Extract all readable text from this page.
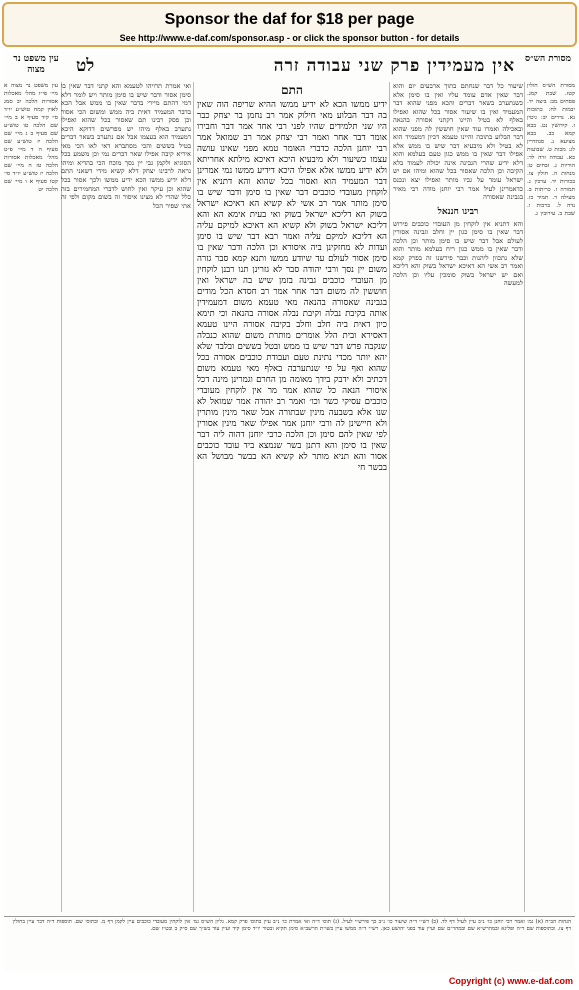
Sponsor the daf for $18 per page
See http://www.e-daf.com/sponsor.asp - or click the sponsor button - for details
מסורת הש״ס
אין מעמידין פרק שני עבודה זרה
לט
עין משפט נר מצוה
מסורת הש״ס חולין קטז. שבת קמג. פסחים מב: ביצה יד. יבמות לח: כתובות נא. נדרים יב: גיטין ז. קידושין נט. בבא קמא כב. בבא מציעא נ. סנהדרין לג: מכות ט. שבועות כא. עבודה זרה לד: הוריות ג. זבחים ט: מנחות ה. חולין צו. בכורות יד. ערכין ג. תמורה ז. כריתות ב. מעילה ד. תמיד כז. נדה ל. ברכות ו. שבת ב. עירובין ג.
שיעור כל דבר שנחתם בתוך ארבעים יום והוא דבר שאין אדם עומד עליו ואין בו סימן אלא כשנתערב בשאר דברים והכא מפני שהוא דבר המעמיד ואין בו שיעור אסור בכל שהוא ואפילו באלף לא בטיל והיינו דקתני אסורה בהנאה ובאכילה ואמרו עוד שאין חוששין לה מפני שהוא דבר הבלוע בתוכה והיינו טעמא דכיון דמעמיד הוא לא בטיל ולא מיבעיא דבר שיש בו ממש אלא אפילו דבר שאין בו ממש כגון טעם בעלמא והוא דלא ידיע שהרי הגבינה אינה יכולה לעמוד בלא הקיבה וכן הלכה שאסור בכל שהוא ומיהו אם יש ישראל עומד על גביו מותר ואפילו יצא ונכנס כדאמרינן לעיל אמר רבי יוחנן מודה רבי מאיר בגבינה שאסורה
רבינו חננאל
והא דתניא אין לוקחין מן העובדי כוכבים פירוש דבר שאין בו סימן כגון יין וחלב וגבינה אסורין לעולם אבל דבר שיש בו סימן מותר וכן הלכה ודבר שאין בו ממש כגון ריח בעלמא מותר והוא שלא נתכוון ליהנות וכבר פירשנו זה בפרק קמא ואמר רב אשי הא דאיכא ישראל בשוק והא דליכא ואם יש ישראל בשוק סומכין עליו וכן הלכה למעשה
התם
ידיע ממשו הכא לא ידיע ממשו ההיא שריפה הוה שאין בה דבר הבלוע מאי חילוק אמר רב נחמן בר יצחק כבר היו שני תלמידים שהיו לפני רבי אחד אמר דבר וחבירו אומר דבר אחר ואמר רבי יצחק אמר רב שמואל אמר רבי יוחנן הלכה כדברי האומר טמא מפני שאינו עושה עצמו כשיעור ולא מיבעיא היכא דאיכא מילתא אחריתא ולא ידיע ממשו אלא אפילו היכא דידיע ממשו נמי אמרינן דבר המעמיד הוא ואסור בכל שהוא והא דתניא אין לוקחין מעובדי כוכבים דבר שאין בו סימן ודבר שיש בו סימן מותר אמר רב אשי לא קשיא הא דאיכא ישראל בשוק הא דליכא ישראל בשוק ואי בעית אימא הא והא דליכא ישראל בשוק ולא קשיא הא דאיכא למיקם עליה הא דליכא למיקם עליה ואמר רבא דבר שיש בו סימן ועדות לא מחזקינן ביה איסורא וכן הלכה ודבר שאין בו סימן אסור לעולם עד שיודע ממשו ותנא קמא סבר גזרה משום יין נסך ורבי יהודה סבר לא גזרינן תנו רבנן לוקחין מן העובדי כוכבים גבינה בזמן שיש בה ישראל ואין חוששין לה משום דבר אחר אמר רב חסדא הכל מודים בגבינה שאסורה בהנאה מאי טעמא משום דמעמידין אותה בקיבת נבלה וקיבת נבלה אסורה בהנאה וכי תימא כיון דאית ביה חלב וחלב בקיבה אסורה היינו טעמא דאסירא ובית הלל אומרים מותרת משום שהוא כנבלה שנקבה פרש דבר שיש בו ממש ובטל בששים ובלבד שלא יהא יותר מכדי נתינת טעם ועבודת כוכבים אסורה בכל שהוא ואף על פי שנתערבה באלף מאי טעמא משום דכתיב ולא ידבק בידך מאומה מן החרם וגמרינן מינה דכל איסורי הנאה כל שהוא אמר מר אין לוקחין מעובדי כוכבים עסיקי כשר וכו׳ ואמר רב יהודה אמר שמואל לא שנו אלא בשבעה מינין שבתורה אבל שאר מינין מותרין ולא חיישינן לה ורבי יוחנן אמר אפילו שאר מינין אסורין לפי שאין להם סימן וכן הלכה כרבי יוחנן דהוה ליה דבר שאין בו סימן והא דתנן בשר שנמצא ביד עובד כוכבים אסור והא תניא מותר לא קשיא הא בבשר מבושל הא בבשר חי
ואי אמרת תרויהו לטעמא והא קתני דבר שאין בו סימן אסור ודבר שיש בו סימן מותר ויש לומר דלא דמי דהתם מיירי בדבר שאין בו ממש אבל הכא בדבר המעמיד דאית ביה ממש ומשום הכי אסור וכן פסק רבינו תם שאסור בכל שהוא ואפילו נתערב באלף מיהו יש מפרשים דדוקא היכא דמעמיד הוא בעצמו אבל אם נתערב בשאר דברים בטיל בששים והכי מסתברא דאי לאו הכי מאי איריא קיבה אפילו שאר דברים נמי וכן משמע בכל הסוגיא ולקמן גבי יין נסך מוכח הכי בהדיא ומיהו נראה לרבינו יצחק דלא קשיא מידי דשאני התם דלא ידיע ממשו הכא ידיע ממשו ולכך אסור בכל שהוא וכן עיקר ואין לחוש לדברי המחמירים בזה כלל שהרי לא מצינו איסור זה בשום מקום ולפי זה אתי שפיר הכל
עין משפט נר מצוה א מיי׳ פי״ז מהל׳ מאכלות אסורות הלכה יב סמג לאוין קמח טוש״ע יו״ד סי׳ קיד סעיף א ב מיי׳ שם הלכה טו טוש״ע שם סעיף ב ג מיי׳ שם הלכה יז טוש״ע שם סעיף ה ד מיי׳ פ״ט מהל׳ מאכלות אסורות הלכה טז ה מיי׳ שם הלכה יז טוש״ע יו״ד סי׳ קטו סעיף א ו מיי׳ שם הלכה יט
הגהות הב״ח (א) גמ׳ ואמר רבי יוחנן כו׳ נ״ב עיין לעיל דף לד. (ב) רש״י ד״ה שיעור כו׳ נ״ב כך פירש״י לעיל. (ג) תוס׳ ד״ה ואי אמרת כו׳ נ״ב עיין בתוס׳ פרק קמא. גליון הש״ס גמ׳ אין לוקחין מעובדי כוכבים עיין לקמן דף מ. ובתוס׳ שם. תוספות ד״ה דבר עיין בחולין דף צז. ובתוספות שם ד״ה ופליגא ובמהרש״א שם ובמהר״ם שם ועיין עוד בפני יהושע כאן. רש״י ד״ה ממשו עיין בשו״ת הרשב״א סימן תקיא ובטור יו״ד סימן קיד ועיין עוד בש״ך שם ס״ק ב ובט״ז שם.
Copyright (c) www.e-daf.com
